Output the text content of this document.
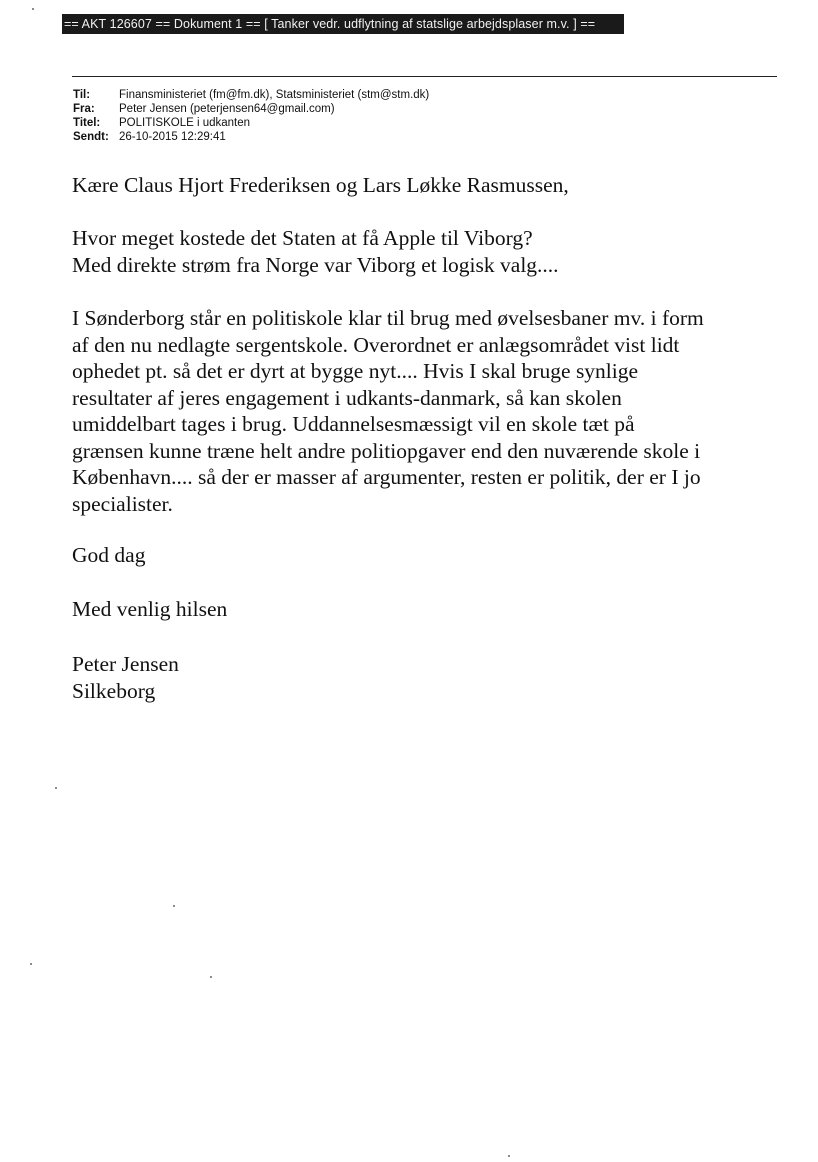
== AKT 126607 == Dokument 1 == [ Tanker vedr. udflytning af statslige arbejdsplaser m.v. ] ==
Til:	Finansministeriet (fm@fm.dk), Statsministeriet (stm@stm.dk)
Fra:	Peter Jensen (peterjensen64@gmail.com)
Titel:	POLITISKOLE i udkanten
Sendt: 26-10-2015 12:29:41

Kære Claus Hjort Frederiksen og Lars Løkke Rasmussen,

Hvor meget kostede det Staten at få Apple til Viborg?
Med direkte strøm fra Norge var Viborg et logisk valg....

I Sønderborg står en politiskole klar til brug med øvelsesbaner mv. i form
af den nu nedlagte sergentskole. Overordnet er anlægsområdet vist lidt
ophedet pt. så det er dyrt at bygge nyt.... Hvis I skal bruge synlige
resultater af jeres engagement i udkants-danmark, så kan skolen
umiddelbart tages i brug. Uddannelsesmæssigt vil en skole tæt på
grænsen kunne træne helt andre politiopgaver end den nuværende skole i
København.... så der er masser af argumenter, resten er politik, der er I jo
specialister.

God dag

Med venlig hilsen

Peter Jensen
Silkeborg
